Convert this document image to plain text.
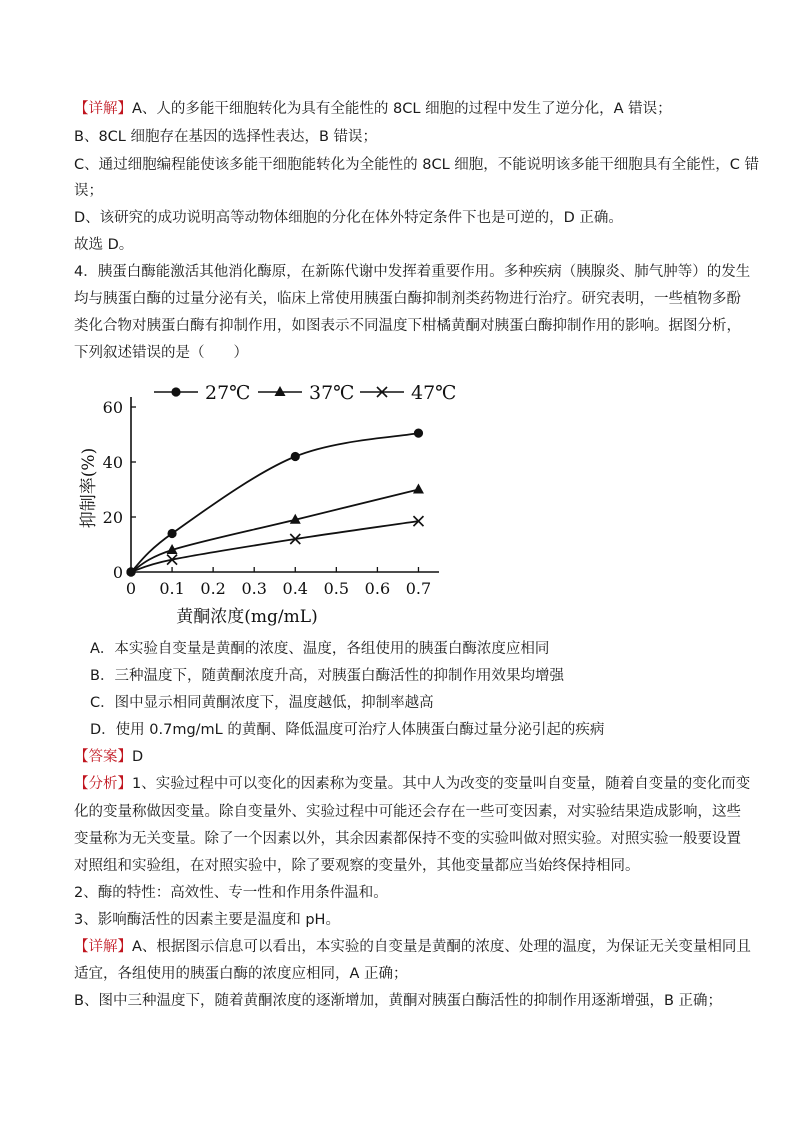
【详解】A、人的多能干细胞转化为具有全能性的 8CL 细胞的过程中发生了逆分化，A 错误；
B、8CL 细胞存在基因的选择性表达，B 错误；
C、通过细胞编程能使该多能干细胞能转化为全能性的 8CL 细胞，不能说明该多能干细胞具有全能性，C 错
误；
D、该研究的成功说明高等动物体细胞的分化在体外特定条件下也是可逆的，D 正确。
故选 D。
4．胰蛋白酶能激活其他消化酶原，在新陈代谢中发挥着重要作用。多种疾病（胰腺炎、肺气肿等）的发生
均与胰蛋白酶的过量分泌有关，临床上常使用胰蛋白酶抑制剂类药物进行治疗。研究表明，一些植物多酚
类化合物对胰蛋白酶有抑制作用，如图表示不同温度下柑橘黄酮对胰蛋白酶抑制作用的影响。据图分析，
下列叙述错误的是（　　）
0 0.1 0.2 0.3 0.4 0.5 0.6 0.7
0
20
40
60
27℃	37℃	47℃
黄酮浓度(mg/mL)
抑制率(%)
A．本实验自变量是黄酮的浓度、温度，各组使用的胰蛋白酶浓度应相同
B．三种温度下，随黄酮浓度升高，对胰蛋白酶活性的抑制作用效果均增强
C．图中显示相同黄酮浓度下，温度越低，抑制率越高
D．使用 0.7mg/mL 的黄酮、降低温度可治疗人体胰蛋白酶过量分泌引起的疾病
【答案】D
【分析】1、实验过程中可以变化的因素称为变量。其中人为改变的变量叫自变量，随着自变量的变化而变
化的变量称做因变量。除自变量外、实验过程中可能还会存在一些可变因素，对实验结果造成影响，这些
变量称为无关变量。除了一个因素以外，其余因素都保持不变的实验叫做对照实验。对照实验一般要设置
对照组和实验组，在对照实验中，除了要观察的变量外，其他变量都应当始终保持相同。
2、酶的特性：高效性、专一性和作用条件温和。
3、影响酶活性的因素主要是温度和 pH。
【详解】A、根据图示信息可以看出，本实验的自变量是黄酮的浓度、处理的温度，为保证无关变量相同且
适宜，各组使用的胰蛋白酶的浓度应相同，A 正确；
B、图中三种温度下，随着黄酮浓度的逐渐增加，黄酮对胰蛋白酶活性的抑制作用逐渐增强，B 正确；
